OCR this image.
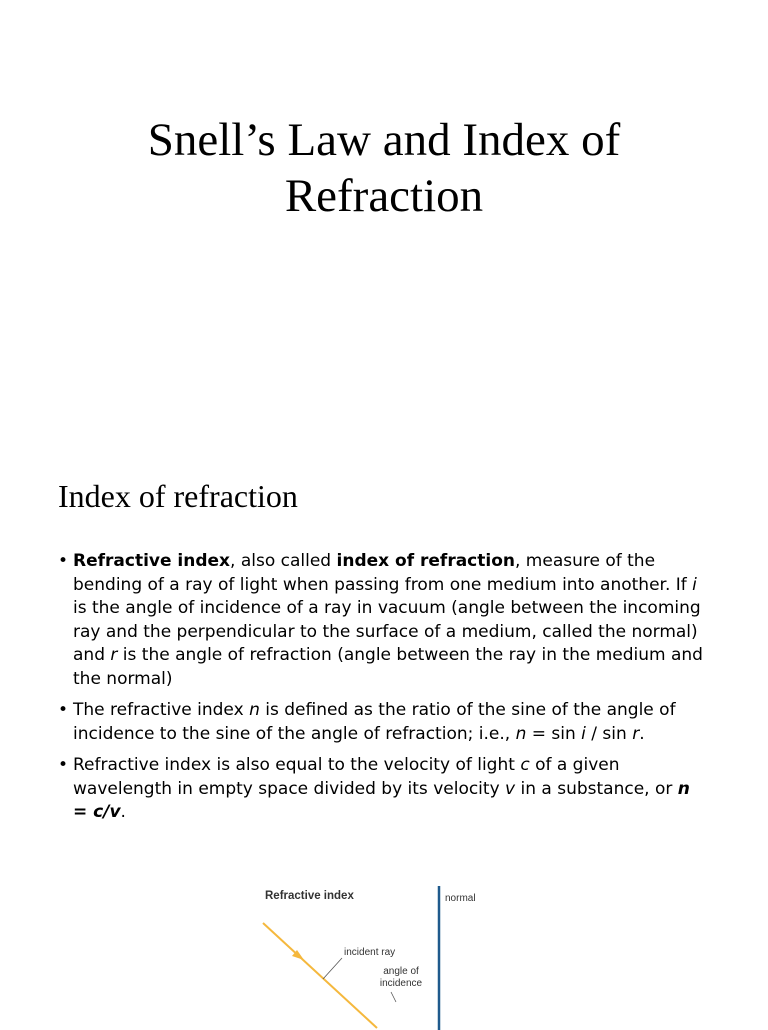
Snell’s Law and Index of
Refraction
Index of refraction
• Refractive index, also called index of refraction, measure of the bending of a ray of light when passing from one medium into another. If i is the angle of incidence of a ray in vacuum (angle between the incoming ray and the perpendicular to the surface of a medium, called the normal) and r is the angle of refraction (angle between the ray in the medium and the normal)
• The refractive index n is defined as the ratio of the sine of the angle of incidence to the sine of the angle of refraction; i.e., n = sin i / sin r.
• Refractive index is also equal to the velocity of light c of a given wavelength in empty space divided by its velocity v in a substance, or n = c/v.
Refractive index	normal
incident ray
angle of
incidence
